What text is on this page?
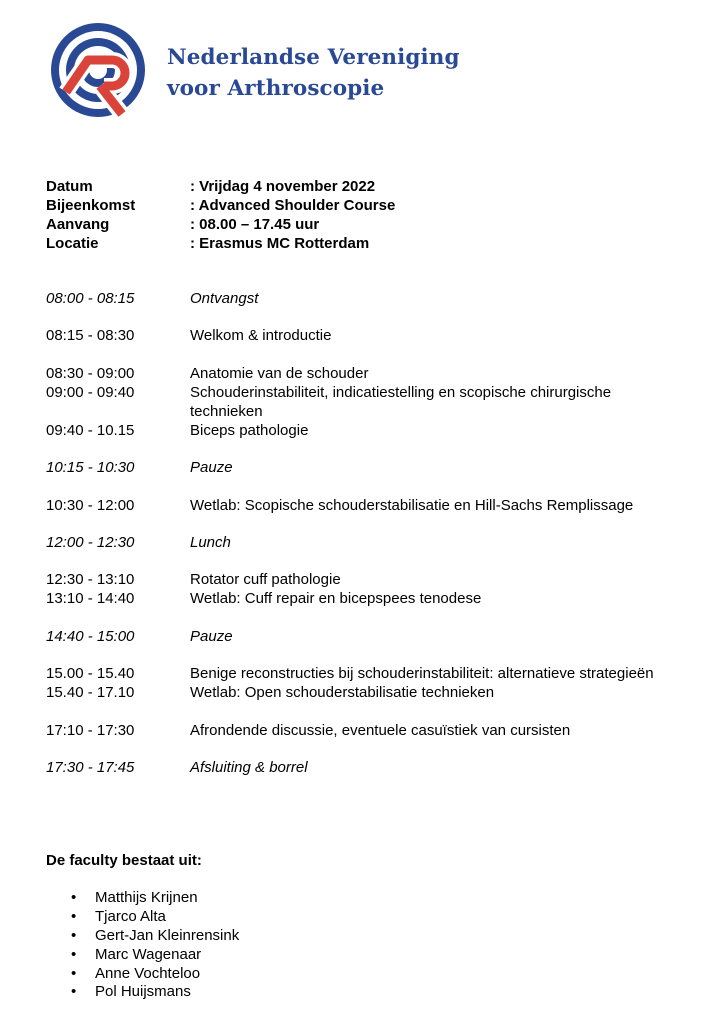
Nederlandse Vereniging
voor Arthroscopie
Datum	: Vrijdag 4 november 2022
Bijeenkomst	: Advanced Shoulder Course
Aanvang	: 08.00 – 17.45 uur
Locatie	: Erasmus MC Rotterdam
08:00 - 08:15	Ontvangst
08:15 - 08:30	Welkom & introductie
08:30 - 09:00	Anatomie van de schouder
09:00 - 09:40	Schouderinstabiliteit, indicatiestelling en scopische chirurgische technieken
09:40 - 10.15	Biceps pathologie
10:15 - 10:30	Pauze
10:30 - 12:00	Wetlab: Scopische schouderstabilisatie en Hill-Sachs Remplissage
12:00 - 12:30	Lunch
12:30 - 13:10	Rotator cuff pathologie
13:10 - 14:40	Wetlab: Cuff repair en bicepspees tenodese
14:40 - 15:00	Pauze
15.00 - 15.40	Benige reconstructies bij schouderinstabiliteit: alternatieve strategieën
15.40 - 17.10	Wetlab: Open schouderstabilisatie technieken
17:10 - 17:30	Afrondende discussie, eventuele casuïstiek van cursisten
17:30 - 17:45	Afsluiting & borrel
De faculty bestaat uit:
• Matthijs Krijnen
• Tjarco Alta
• Gert-Jan Kleinrensink
• Marc Wagenaar
• Anne Vochteloo
• Pol Huijsmans
